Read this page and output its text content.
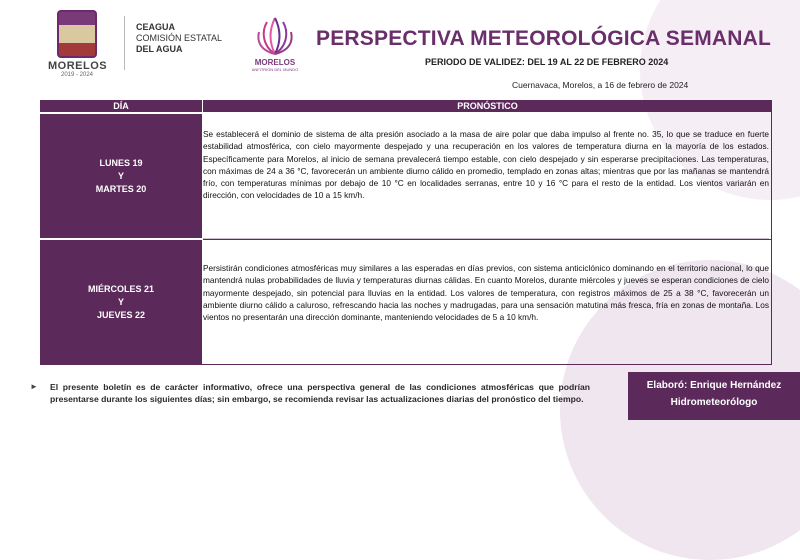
MORELOS
2019 - 2024
CEAGUA
COMISIÓN ESTATAL
DEL AGUA
MORELOS
ANFITRIÓN DEL MUNDO
PERSPECTIVA METEOROLÓGICA SEMANAL
PERIODO DE VALIDEZ: DEL 19 AL 22 DE FEBRERO 2024
Cuernavaca, Morelos, a 16 de febrero de 2024
DÍA	PRONÓSTICO
LUNES 19
Y
MARTES 20
Se establecerá el dominio de sistema de alta presión asociado a la masa de aire polar que daba impulso al frente no. 35, lo que se traduce en fuerte estabilidad atmosférica, con cielo mayormente despejado y una recuperación en los valores de temperatura diurna en la mayoría de los estados. Específicamente para Morelos, al inicio de semana prevalecerá tiempo estable, con cielo despejado y sin esperarse precipitaciones. Las temperaturas, con máximas de 24 a 36 °C, favorecerán un ambiente diurno cálido en promedio, templado en zonas altas; mientras que por las mañanas se mantendrá frío, con temperaturas mínimas por debajo de 10 °C en localidades serranas, entre 10 y 16 °C para el resto de la entidad. Los vientos variarán en dirección, con velocidades de 10 a 15 km/h.
MIÉRCOLES 21
Y
JUEVES 22
Persistirán condiciones atmosféricas muy similares a las esperadas en días previos, con sistema anticiclónico dominando en el territorio nacional, lo que mantendrá nulas probabilidades de lluvia y temperaturas diurnas cálidas. En cuanto Morelos, durante miércoles y jueves se esperan condiciones de cielo mayormente despejado, sin potencial para lluvias en la entidad. Los valores de temperatura, con registros máximos de 25 a 38 °C, favorecerán un ambiente diurno cálido a caluroso, refrescando hacia las noches y madrugadas, para una sensación matutina más fresca, fría en zonas de montaña. Los vientos no presentarán una dirección dominante, manteniendo velocidades de 5 a 10 km/h.
► El presente boletín es de carácter informativo, ofrece una perspectiva general de las condiciones atmosféricas que podrían presentarse durante los siguientes días; sin embargo, se recomienda revisar las actualizaciones diarias del pronóstico del tiempo.
Elaboró: Enrique Hernández
Hidrometeorólogo
